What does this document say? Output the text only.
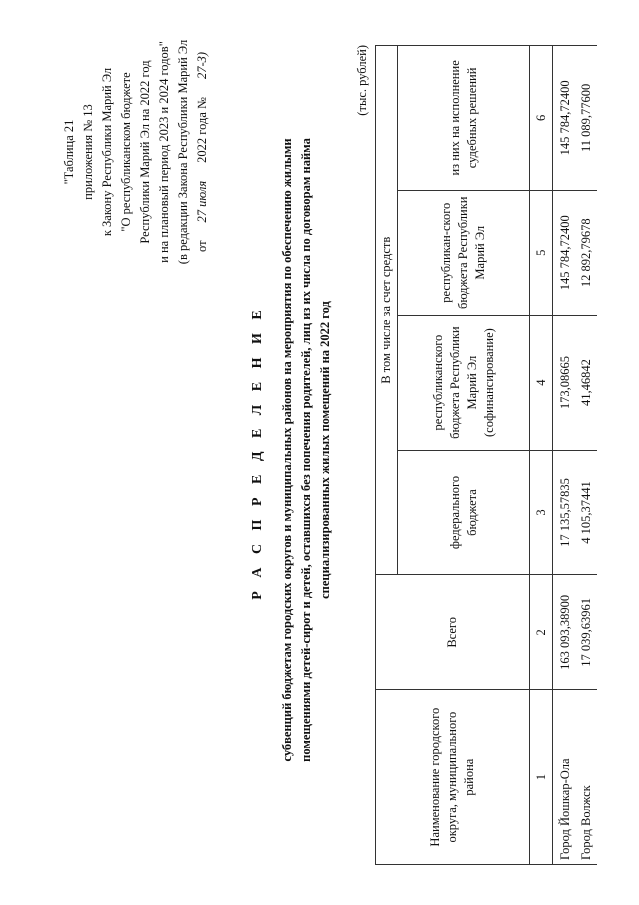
"Таблица 21 приложения № 13 к Закону Республики Марий Эл "О республиканском бюджете Республики Марий Эл на 2022 год и на плановый период 2023 и 2024 годов" (в редакции Закона Республики Марий Эл от
27 июля
2022 года №
27-З)
Р А С П Р Е Д Е Л Е Н И Е субвенций бюджетам городских округов и муниципальных районов на мероприятия по обеспечению жилыми помещениями детей-сирот и детей, оставшихся без попечения родителей, лиц из их числа по договорам найма специализированных жилых помещений на 2022 год
(тыс. рублей)
Наименование городского округа, муниципального района	Всего	В том числе за счет средств			
		федерального бюджета	республиканского бюджета Республики Марий Эл (софинансирование)	республикан-ского бюджета Республики Марий Эл	из них на исполнение судебных решений
1	2	3	4	5	6
Город Йошкар-Ола	163 093,38900	17 135,57835	173,08665	145 784,72400	145 784,72400
Город Волжск	17 039,63961	4 105,37441	41,46842	12 892,79678	11 089,77600
